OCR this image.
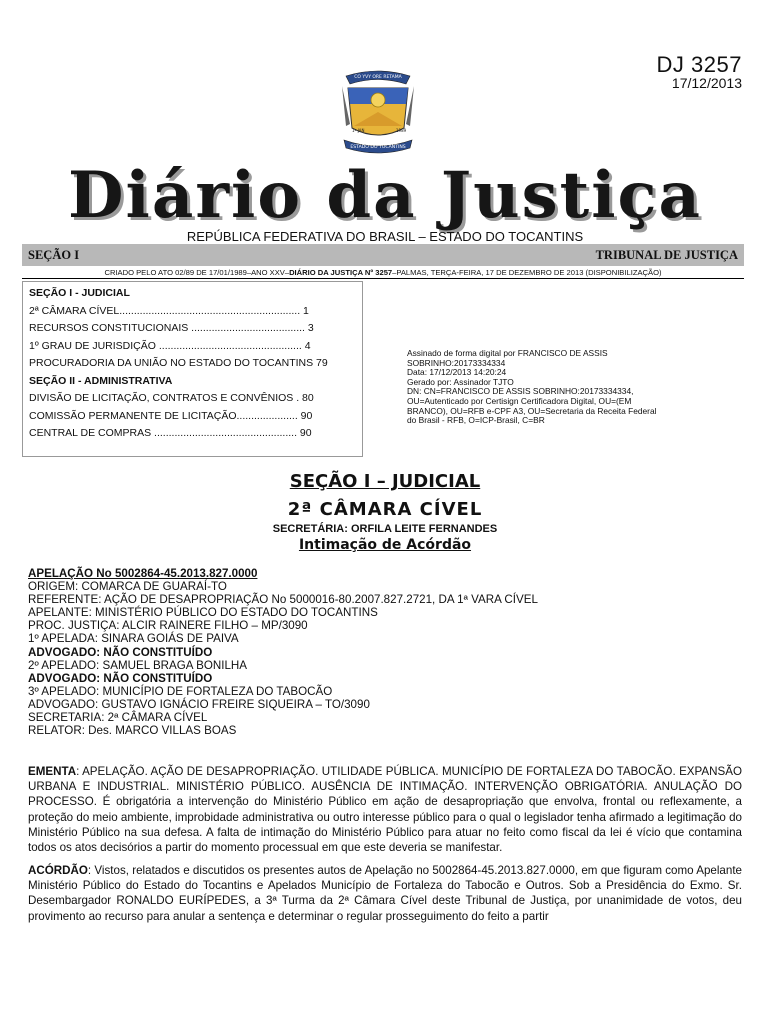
DJ 3257
17/12/2013
CO YVY ORE RETAMA
1ª JAN	1989
ESTADO DO TOCANTINS
Diário da Justiça
REPÚBLICA FEDERATIVA DO BRASIL – ESTADO DO TOCANTINS
SEÇÃO I	TRIBUNAL DE JUSTIÇA
CRIADO PELO ATO 02/89 DE 17/01/1989–ANO XXV–DIÁRIO DA JUSTIÇA Nº 3257–PALMAS, TERÇA-FEIRA, 17 DE DEZEMBRO DE 2013 (DISPONIBILIZAÇÃO)
SEÇÃO I - JUDICIAL
2ª CÂMARA CÍVEL.............................................................. 1
RECURSOS CONSTITUCIONAIS ....................................... 3
1º GRAU DE JURISDIÇÃO ................................................. 4
PROCURADORIA DA UNIÃO NO ESTADO DO TOCANTINS 79
SEÇÃO II - ADMINISTRATIVA
DIVISÃO DE LICITAÇÃO, CONTRATOS E CONVÊNIOS . 80
COMISSÃO PERMANENTE DE LICITAÇÃO..................... 90
CENTRAL DE COMPRAS ................................................. 90
Assinado de forma digital por FRANCISCO DE ASSIS
SOBRINHO:20173334334
Data: 17/12/2013 14:20:24
Gerado por: Assinador TJTO
DN: CN=FRANCISCO DE ASSIS SOBRINHO:20173334334,
OU=Autenticado por Certisign Certificadora Digital, OU=(EM
BRANCO), OU=RFB e-CPF A3, OU=Secretaria da Receita Federal
do Brasil - RFB, O=ICP-Brasil, C=BR
SEÇÃO I – JUDICIAL
2ª CÂMARA CÍVEL
SECRETÁRIA: ORFILA LEITE FERNANDES
Intimação de Acórdão
APELAÇÃO No 5002864-45.2013.827.0000
ORIGEM: COMARCA DE GUARAÍ-TO
REFERENTE: AÇÃO DE DESAPROPRIAÇÃO No 5000016-80.2007.827.2721, DA 1ª VARA CÍVEL
APELANTE: MINISTÉRIO PÚBLICO DO ESTADO DO TOCANTINS
PROC. JUSTIÇA: ALCIR RAINERE FILHO – MP/3090
1º APELADA: SINARA GOIÁS DE PAIVA
ADVOGADO: NÃO CONSTITUÍDO
2º APELADO: SAMUEL BRAGA BONILHA
ADVOGADO: NÃO CONSTITUÍDO
3º APELADO: MUNICÍPIO DE FORTALEZA DO TABOCÃO
ADVOGADO: GUSTAVO IGNÁCIO FREIRE SIQUEIRA – TO/3090
SECRETARIA: 2ª CÂMARA CÍVEL
RELATOR: Des. MARCO VILLAS BOAS
EMENTA: APELAÇÃO. AÇÃO DE DESAPROPRIAÇÃO. UTILIDADE PÚBLICA. MUNICÍPIO DE FORTALEZA DO TABOCÃO. EXPANSÃO URBANA E INDUSTRIAL. MINISTÉRIO PÚBLICO. AUSÊNCIA DE INTIMAÇÃO. INTERVENÇÃO OBRIGATÓRIA. ANULAÇÃO DO PROCESSO. É obrigatória a intervenção do Ministério Público em ação de desapropriação que envolva, frontal ou reflexamente, a proteção do meio ambiente, improbidade administrativa ou outro interesse público para o qual o legislador tenha afirmado a legitimação do Ministério Público na sua defesa. A falta de intimação do Ministério Público para atuar no feito como fiscal da lei é vício que contamina todos os atos decisórios a partir do momento processual em que este deveria se manifestar.
ACÓRDÃO: Vistos, relatados e discutidos os presentes autos de Apelação no 5002864-45.2013.827.0000, em que figuram como Apelante Ministério Público do Estado do Tocantins e Apelados Município de Fortaleza do Tabocão e Outros. Sob a Presidência do Exmo. Sr. Desembargador RONALDO EURÍPEDES, a 3ª Turma da 2ª Câmara Cível deste Tribunal de Justiça, por unanimidade de votos, deu provimento ao recurso para anular a sentença e determinar o regular prosseguimento do feito a partir
